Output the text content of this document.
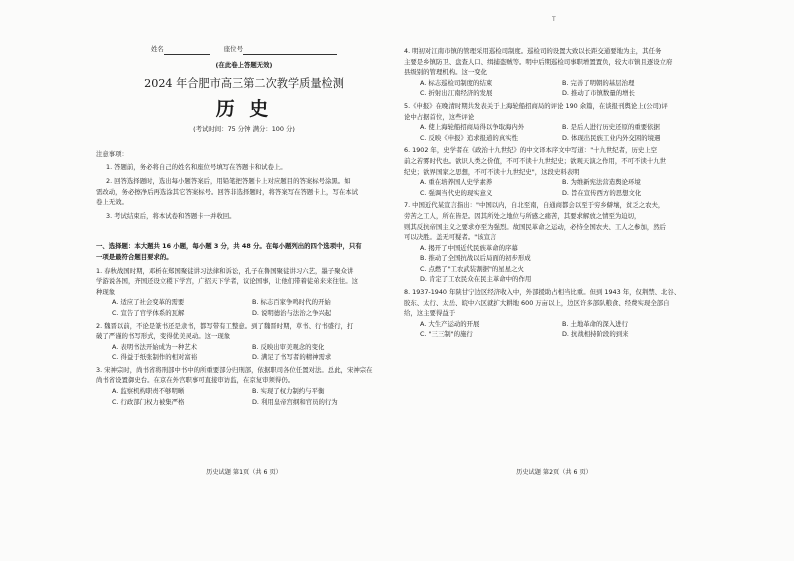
T
姓名	座位号
(在此卷上答题无效)
2024 年合肥市高三第二次教学质量检测
历 史
(考试时间：75 分钟 满分：100 分)

注意事项：

1. 答题前，务必将自己的姓名和座位号填写在答题卡和试卷上。

2. 回答选择题时，选出每小题答案后，用铅笔把答题卡上对应题目的答案标号涂黑。如

需改动，务必擦净后再选涂其它答案标号。回答非选择题时，将答案写在答题卡上，写在本试

卷上无效。

3. 考试结束后，将本试卷和答题卡一并收回。

一、选择题：本大题共 16 小题，每小题 3 分，共 48 分。在每小题列出的四个选项中，只有

一项是最符合题目要求的。

1. 春秋战国时期，邓析在郑国聚徒讲习法律和诉讼，孔子在鲁国聚徒讲习六艺，墨子聚众讲

学游说各国，齐国还设立稷下学宫，广招天下学者，议论国事，让他们带着徒弟来来往往。这

种现象

A. 适应了社会变革的需要	B. 标志百家争鸣时代的开始
C. 宣告了官学体系的瓦解	D. 说明德治与法治之争兴起

2. 魏晋以前，不论是篆书还是隶书，都写带有工整意。到了魏晋时期，草书、行书盛行，打

破了严谨的书写形式，变得优美灵动。这一现象

A. 表明书法开始成为一种艺术	B. 反映出审美观念的变化
C. 得益于纸张制作的相对富裕	D. 满足了书写者的精神需求

3. 宋神宗时，尚书省将刑部中书中的所重要部分归刑部，依据职司各位任置对法。总此，宋神宗在

尚书省设置御史台。在京在外宫职事可直接审访监，在京复审须得仍。

A. 监察机构职责不够明晰	B. 实现了权力制约与平衡
C. 行政部门权力被集严格	D. 利用皇帝宫纲和官员的行为
历史试题 第1页（共 6 页）

4. 明初对江南市镇的管理采用巡检司制度。巡检司的设置大致以长距交通要地为主，其任务

主要是乡镇防卫、盘查人口、缉捕盗贼等。明中后期巡检司事职增置置负，较大市镇且逐设立府

县级别的管理机构。这一变化

A. 标志巡检司制度的结束	B. 完善了明朝的基层治理
C. 折射出江南经济的发展	D. 推动了市镇数量的增长

5.《申报》在晚清时期共发表关于上海轮船招商局的评论 190 余篇，在谈报刊舆论上(公司)评

论中占据首位，这些评论

A. 使上海轮船招商局得以争取海内外	B. 是后人进行历史还原的重要依据
C. 反映《申报》追求报道的真实性	D. 体现出民族工业内外交困的境遇

6. 1902 年，史学者在《政治十九世纪》的中文译本序文中写道："十九世纪者，历史上空

前之若雾时代也。欲识人类之价值，不可不读十九世纪史；欲观天演之作用，不可不读十九世

纪史；欲界国家之思想，不可不读十九世纪史"，这段史料表明

A. 重在培养国人史学素养	B. 为维新宪法营造舆论环境
C. 强调当代史的现实意义	D. 旨在宣传西方的思想文化

7. 中国近代某宣言指出："中国以内，自北至南，自通商都会以至于穷乡僻壤，贫乏之农夫，

劳苦之工人，所在皆是。因其所处之地位与所感之痛苦，其要求解放之情至为迫切，

则其反抗帝国主义之要求亦至为强烈。故国民革命之运动，必恃全国农夫、工人之参加，然后

可以决胜。盖无可疑者。"该宣言

A. 揭开了中国近代民族革命的序幕
B. 推动了全国抗战以后局面的初步形成
C. 点燃了"工农武装割据"的星星之火
D. 肯定了工农民众在民主革命中的作用

8. 1937-1940 年陕甘宁边区经济收入中，外部援助占相当比重。但到 1943 年，仅荆禁、北谷、

胶东、太行、太岳、皖中六区就扩大耕地 600 万亩以上，边区许多部队粮食、经费实现全部自

给，这主要得益于

A. 大生产运动的开展	B. 土地革命的深入进行
C. "三三制"的施行	D. 抗战相持阶段的到来
历史试题 第2页（共 6 页）
